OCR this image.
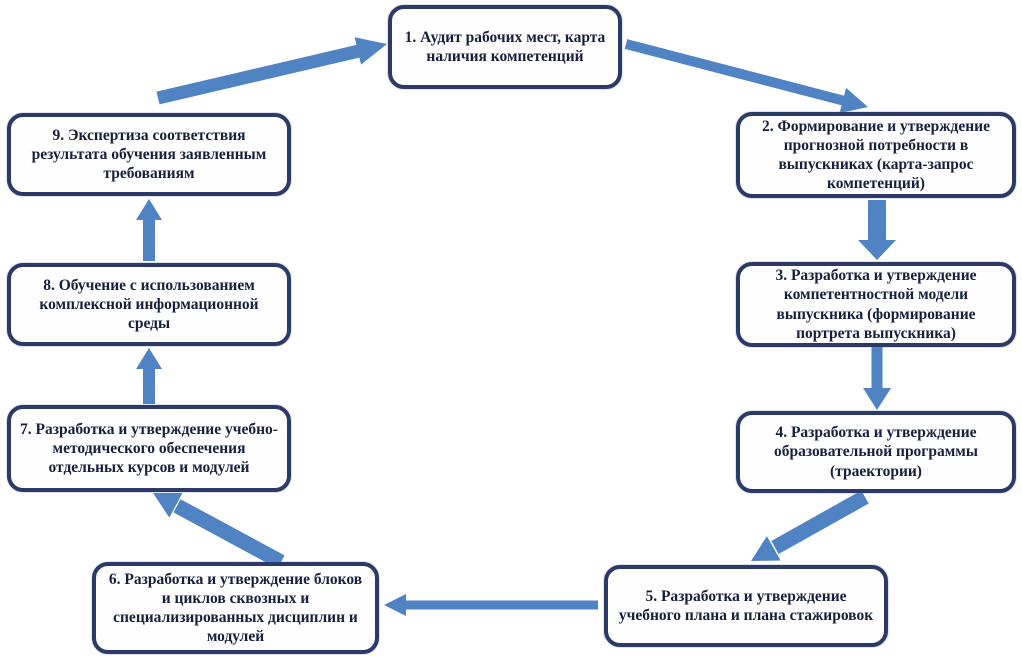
1. Аудит рабочих мест, карта наличия компетенций
2. Формирование и утверждение прогнозной потребности в выпускниках (карта-запрос компетенций)
3. Разработка и утверждение компетентностной модели выпускника (формирование портрета выпускника)
4. Разработка и утверждение образовательной программы (траектории)
5. Разработка и утверждение учебного плана и плана стажировок
6. Разработка и утверждение блоков и циклов сквозных и специализированных дисциплин и модулей
7. Разработка и утверждение учебно-методического обеспечения отдельных курсов и модулей
8. Обучение с использованием комплексной информационной среды
9. Экспертиза соответствия результата обучения заявленным требованиям
